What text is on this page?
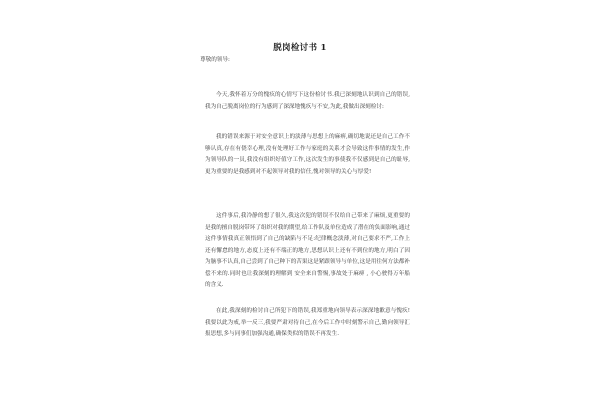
脱岗检讨书 1
尊敬的领导:

今天,我怀着万分的愧疚的心情写下这份检讨书.我已深刻地认识到自己的错误,我为自己脱离岗位的行为感到了深深地愧疚与不安,为此,我做出深刻检讨:

我的错误来源于对安全意识上的淡薄与思想上的麻痹,确切地说还是自己工作不够认真,存在有侥幸心理,没有处理好工作与家庭的关系才会导致这件事情的发生,作为领导队的一员,我没有组织好值守工作,这次发生的事使我不仅感到是自己的耻辱,更为重要的是我感到对不起领导对我的信任,愧对领导的关心与厚爱!

这件事后,我冷静的想了很久,我这次犯的错误不仅给自己带来了麻烦,更重要的是我的擅自脱岗带坏了组织对我的期望,给工作队及单位造成了潜在的负面影响,通过这件事情我真正领悟到了自己的缺陷与不足:纪律概念淡薄,对自己要求不严,工作上还有懈怠的地方,态度上还有不端正的地方,思想认识上还有不到位的地方,明白了因为脑事不认真,自己尝到了自己种下的苦果这是紧跟领导与单位,这是用往何方法都补偿不来的.同时也让我深刻的理解到 安全来自警惕,事故处于麻痹 , 小心驶得万年船 的含义.

在此,我深刻的检讨自己所犯下的错误,我郑重地向领导表示深深地歉意与愧疚!我要以此为戒,举一反三,我要严肃对待自己,在今后工作中时刻警示自己,勤向领导汇报思想,多与同事们加强沟通,确保类似的错误不再发生.
